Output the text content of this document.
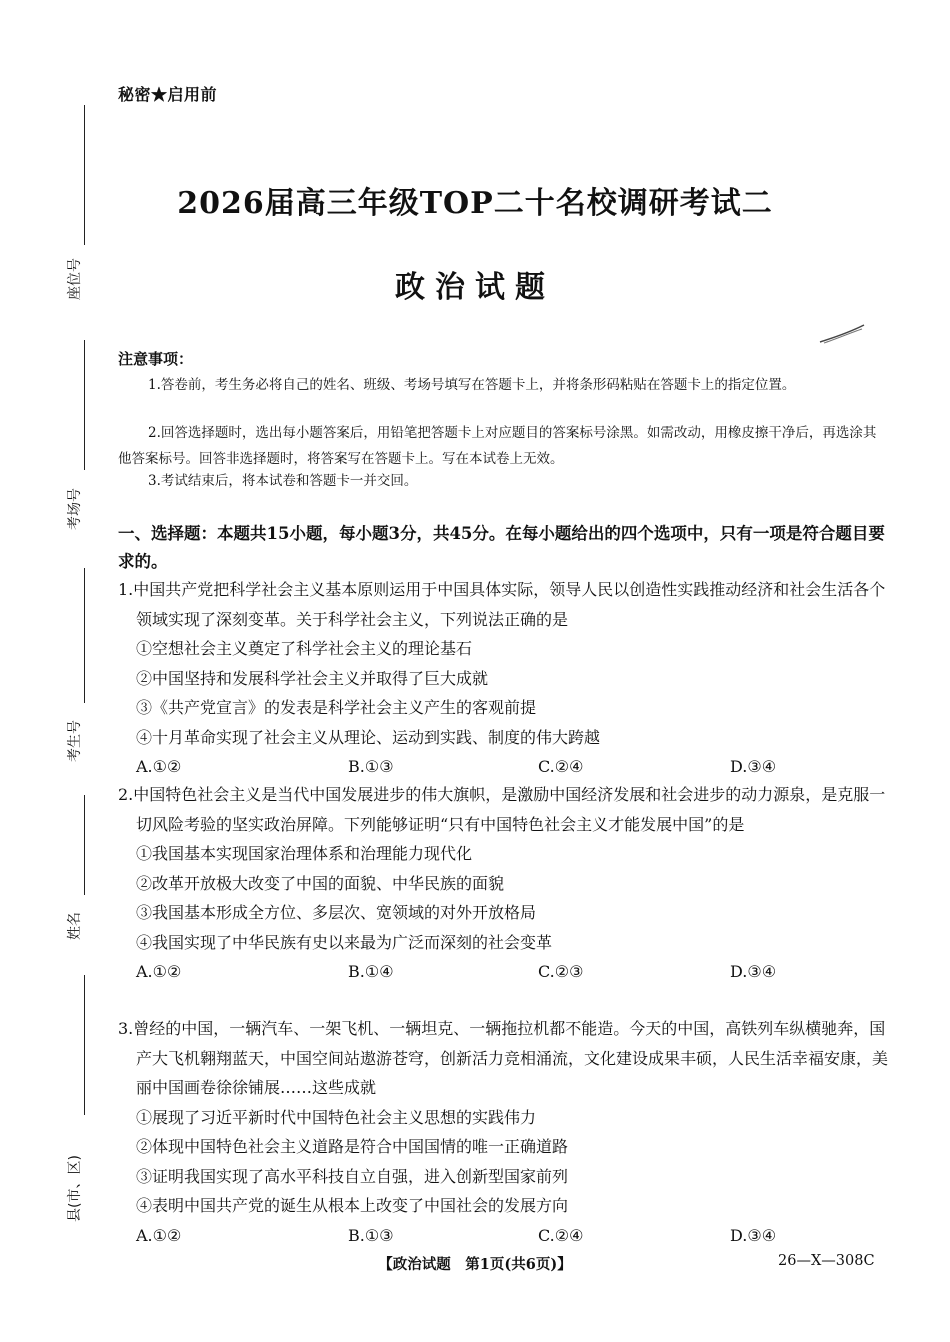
座位号
考场号
考生号
姓名
县(市、区)
秘密★启用前
2026届高三年级TOP二十名校调研考试二
政治试题
注意事项：

1.答卷前，考生务必将自己的姓名、班级、考场号填写在答题卡上，并将条形码粘贴在答题卡上的指定位置。

2.回答选择题时，选出每小题答案后，用铅笔把答题卡上对应题目的答案标号涂黑。如需改动，用橡皮擦干净后，再选涂其他答案标号。回答非选择题时，将答案写在答题卡上。写在本试卷上无效。

3.考试结束后，将本试卷和答题卡一并交回。

一、选择题：本题共15小题，每小题3分，共45分。在每小题给出的四个选项中，只有一项是符合题目要求的。

1.中国共产党把科学社会主义基本原则运用于中国具体实际，领导人民以创造性实践推动经济和社会生活各个领域实现了深刻变革。关于科学社会主义，下列说法正确的是

①空想社会主义奠定了科学社会主义的理论基石

②中国坚持和发展科学社会主义并取得了巨大成就

③《共产党宣言》的发表是科学社会主义产生的客观前提

④十月革命实现了社会主义从理论、运动到实践、制度的伟大跨越

A.①②	B.①③	C.②④	D.③④

2.中国特色社会主义是当代中国发展进步的伟大旗帜，是激励中国经济发展和社会进步的动力源泉，是克服一切风险考验的坚实政治屏障。下列能够证明“只有中国特色社会主义才能发展中国”的是

①我国基本实现国家治理体系和治理能力现代化

②改革开放极大改变了中国的面貌、中华民族的面貌

③我国基本形成全方位、多层次、宽领域的对外开放格局

④我国实现了中华民族有史以来最为广泛而深刻的社会变革

A.①②	B.①④	C.②③	D.③④

3.曾经的中国，一辆汽车、一架飞机、一辆坦克、一辆拖拉机都不能造。今天的中国，高铁列车纵横驰奔，国产大飞机翱翔蓝天，中国空间站遨游苍穹，创新活力竞相涌流，文化建设成果丰硕，人民生活幸福安康，美丽中国画卷徐徐铺展……这些成就

①展现了习近平新时代中国特色社会主义思想的实践伟力

②体现中国特色社会主义道路是符合中国国情的唯一正确道路

③证明我国实现了高水平科技自立自强，进入创新型国家前列

④表明中国共产党的诞生从根本上改变了中国社会的发展方向

A.①②	B.①③	C.②④	D.③④
【政治试题　第1页(共6页)】	26—X—308C
